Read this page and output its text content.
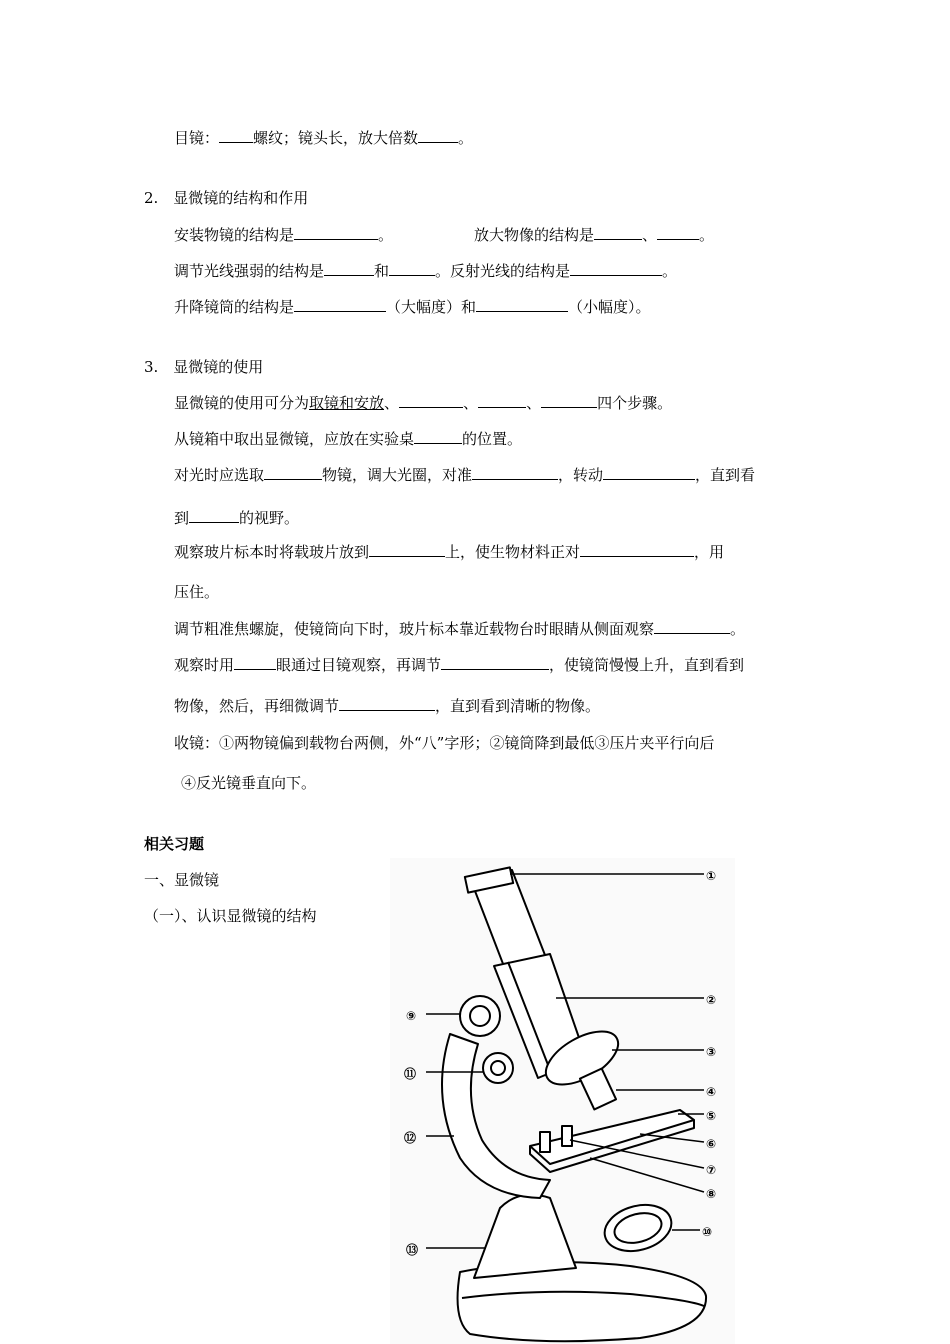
目镜： 螺纹；镜头长，放大倍数	。
2.　显微镜的结构和作用
安装物镜的结构是	。	放大物像的结构是	、	。
调节光线强弱的结构是	和	。反射光线的结构是	。
升降镜筒的结构是	（大幅度）和	（小幅度）。
3.　显微镜的使用
显微镜的使用可分为取镜和安放、	、	、	四个步骤。
从镜箱中取出显微镜，应放在实验桌	的位置。
对光时应选取	物镜，调大光圈，对准	，转动	，直到看
到	的视野。
观察玻片标本时将载玻片放到	上，使生物材料正对	，用
压住。
调节粗准焦螺旋，使镜筒向下时，玻片标本靠近载物台时眼睛从侧面观察	。
观察时用	眼通过目镜观察，再调节	，使镜筒慢慢上升，直到看到
物像，然后，再细微调节	，直到看到清晰的物像。
收镜：①两物镜偏到载物台两侧，外“八”字形；②镜筒降到最低③压片夹平行向后
④反光镜垂直向下。
相关习题
一、显微镜
（一）、认识显微镜的结构
①
②
③
④
⑤
⑥
⑦
⑧
⑨
⑩
⑪
⑫
⑬
